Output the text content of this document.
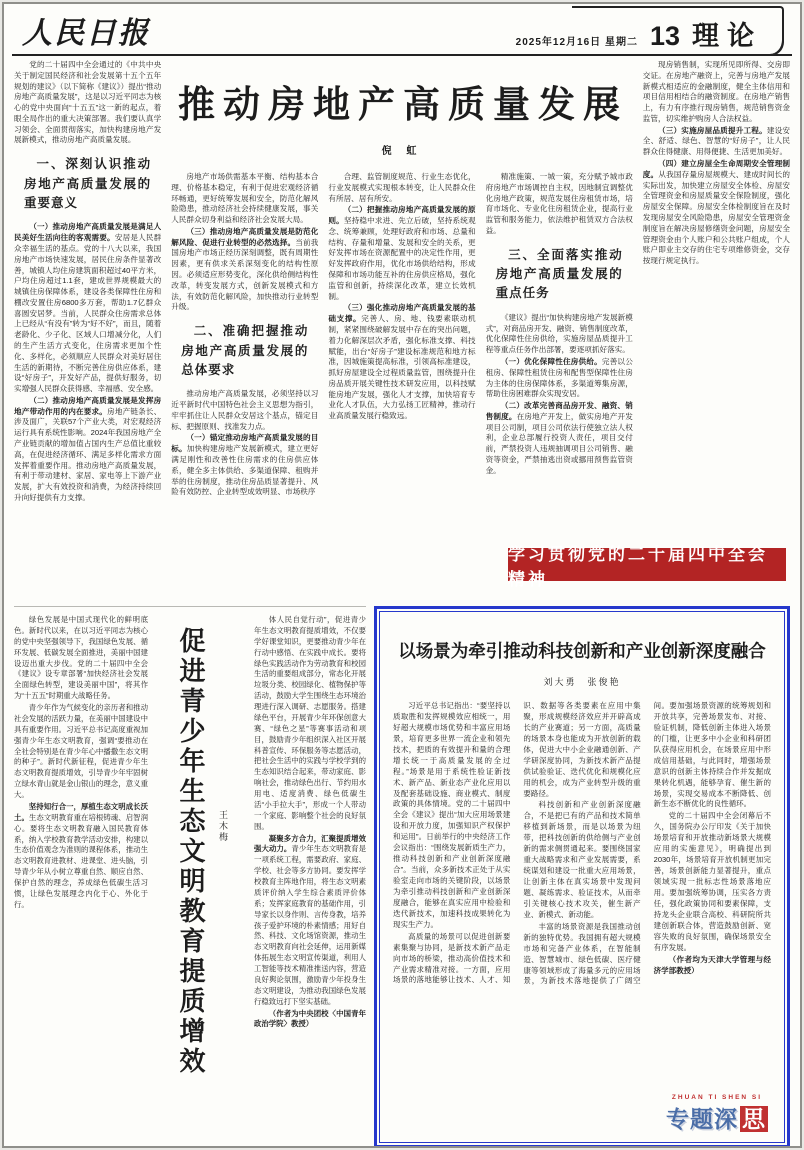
人民日报	2025年12月16日 星期二 13 理论
推动房地产高质量发展
倪 虹

党的二十届四中全会通过的《中共中央关于制定国民经济和社会发展第十五个五年规划的建议》（以下简称《建议》）提出“推动房地产高质量发展”，这是以习近平同志为核心的党中央面向“十五五”这一新的起点，着眼全局作出的重大决策部署。我们要认真学习领会、全面贯彻落实，加快构建房地产发展新模式，推动房地产高质量发展。

一、深刻认识推动房地产高质量发展的重要意义

（一）推动房地产高质量发展是满足人民美好生活向往的客观需要。安居是人民群众幸福生活的基点。党的十八大以来，我国房地产市场快速发展，居民住房条件显著改善，城镇人均住房建筑面积超过40平方米，户均住房超过1.1套，建成世界规模最大的城镇住房保障体系，建设各类保障性住房和棚改安置住房6800多万套，帮助1.7亿群众喜圆安居梦。当前，人民群众住房需求总体上已经从“有没有”转为“好不好”，而且，随着老龄化、少子化、区域人口增减分化，人们的生产生活方式变化，住房需求更加个性化、多样化，必须顺应人民群众对美好居住生活的新期待，不断完善住房供应体系，建设“好房子”，开发好产品，提供好服务，切实增强人民群众获得感、幸福感、安全感。

（二）推动房地产高质量发展是发挥房地产带动作用的内在要求。房地产链条长、涉及面广，关联57个产业大类，对宏观经济运行具有系统性影响。2024年我国房地产全产业链贡献的增加值占国内生产总值比重较高，在促进经济循环、满足多样化需求方面发挥着重要作用。推动房地产高质量发展，有利于带动建材、家居、家电等上下游产业发展，扩大有效投资和消费，为经济持续回升向好提供有力支撑。

房地产市场供需基本平衡、结构基本合理、价格基本稳定，有利于促进宏观经济循环畅通，更好统筹发展和安全，防范化解风险隐患，推动经济社会持续健康发展，事关人民群众切身利益和经济社会发展大局。

（三）推动房地产高质量发展是防范化解风险、促进行业转型的必然选择。当前我国房地产市场正经历深刻调整，既有周期性因素，更有供求关系深刻变化的结构性原因。必须适应形势变化，深化供给侧结构性改革，转变发展方式，创新发展模式和方法，有效防范化解风险，加快推动行业转型升级。

二、准确把握推动房地产高质量发展的总体要求

推动房地产高质量发展，必须坚持以习近平新时代中国特色社会主义思想为指引，牢牢抓住让人民群众安居这个基点，锚定目标、把握原则、找准发力点。

（一）锚定推动房地产高质量发展的目标。加快构建房地产发展新模式，建立更好满足刚性和改善性住房需求的住房供应体系，健全多主体供给、多渠道保障、租购并举的住房制度，推动住房品质显著提升、风险有效防控、企业转型成效明显、市场秩序

合理、监管制度规范、行业生态优化，行业发展模式实现根本转变，让人民群众住有所居、居有所安。

（二）把握推动房地产高质量发展的原则。坚持稳中求进、先立后破，坚持系统观念、统筹兼顾，处理好政府和市场、总量和结构、存量和增量、发展和安全的关系，更好发挥市场在资源配置中的决定性作用，更好发挥政府作用，优化市场供给结构，形成保障和市场功能互补的住房供应格局，强化监管和创新，持续深化改革，建立长效机制。

（三）强化推动房地产高质量发展的基础支撑。完善人、房、地、钱要素联动机制，紧紧围绕破解发展中存在的突出问题，着力化解深层次矛盾，强化标准支撑、科技赋能，出台“好房子”建设标准规范和地方标准，因城施策提高标准，引领高标准建设，抓好房屋建设全过程质量监管，围绕提升住房品质开展关键性技术研发应用，以科技赋能房地产发展，强化人才支撑，加快培育专业化人才队伍，大力弘扬工匠精神，推动行业高质量发展行稳致远。

精准施策、一城一策，充分赋予城市政府房地产市场调控自主权，因地制宜调整优化房地产政策，规范发展住房租赁市场，培育市场化、专业化住房租赁企业，提高行业监管和服务能力，依法维护租赁双方合法权益。

三、全面落实推动房地产高质量发展的重点任务

《建议》提出“加快构建房地产发展新模式”，对商品房开发、融资、销售制度改革，优化保障性住房供给，实施房屋品质提升工程等重点任务作出部署，要逐项抓好落实。

（一）优化保障性住房供给。完善以公租房、保障性租赁住房和配售型保障性住房为主体的住房保障体系，多渠道筹集房源，帮助住房困难群众实现安居。

（二）改革完善商品房开发、融资、销售制度。在房地产开发上，做实房地产开发项目公司制，项目公司依法行使独立法人权利，企业总部履行投资人责任，项目交付前，严禁投资人违规抽调项目公司销售、融资等资金，严禁抽逃出资或挪用预售监管资金。

现房销售制，实现所见即所得、交房即交证。在房地产融资上，完善与房地产发展新模式相适应的金融制度，健全主体信用和项目信用相结合的融资制度。在房地产销售上，有力有序推行现房销售，规范销售资金监管，切实维护购房人合法权益。

（三）实施房屋品质提升工程。建设安全、舒适、绿色、智慧的“好房子”，让人民群众住得健康、用得便捷、生活更加美好。

（四）建立房屋全生命周期安全管理制度。从我国存量房屋规模大、建成时间长的实际出发，加快建立房屋安全体检、房屋安全管理资金和房屋质量安全保险制度，强化房屋安全保障。房屋安全体检制度旨在及时发现房屋安全风险隐患，房屋安全管理资金制度旨在解决房屋修缮资金问题，房屋安全管理资金由个人账户和公共账户组成，个人账户即业主交存的住宅专项维修资金，交存按现行规定执行。

学习贯彻党的二十届四中全会精神

绿色发展是中国式现代化的鲜明底色。新时代以来，在以习近平同志为核心的党中央坚强领导下，我国绿色发展、循环发展、低碳发展全面推进，美丽中国建设迈出重大步伐。党的二十届四中全会《建议》设专章部署“加快经济社会发展全面绿色转型，建设美丽中国”，将其作为“十五五”时期重大战略任务。

青少年作为气候变化的亲历者和推动社会发展的活跃力量，在美丽中国建设中具有重要作用。习近平总书记高度重视加强青少年生态文明教育，强调“要推动在全社会特别是在青少年心中播撒生态文明的种子”。新时代新征程，促进青少年生态文明教育提质增效，引导青少年牢固树立绿水青山就是金山银山的理念，意义重大。

坚持知行合一，厚植生态文明成长沃土。生态文明教育重在培根铸魂、启智润心。要将生态文明教育融入国民教育体系，纳入学校教育教学活动安排，构建以生态价值观念为准则的课程体系，推动生态文明教育进教材、进课堂、进头脑，引导青少年从小树立尊重自然、顺应自然、保护自然的理念，养成绿色低碳生活习惯，让绿色发展理念内化于心、外化于行。	促进青少年生态文明教育提质增效	王木梅

体人民自觉行动”，促进青少年生态文明教育提质增效，不仅要学好课堂知识，更要推动青少年在行动中感悟、在实践中成长。要将绿色实践活动作为劳动教育和校园生活的重要组成部分，常态化开展垃圾分类、校园绿化、植物保护等活动，鼓励大学生围绕生态环境治理进行深入调研、志愿服务。搭建绿色平台，开展青少年环保创意大赛、“绿色之星”等赛事活动和项目，鼓励青少年组织深入社区开展科普宣传、环保服务等志愿活动，把社会生活中的实践与学校学到的生态知识结合起来，带动家庭、影响社会，推动绿色出行、节约用水用电、适度消费、绿色低碳生活“小手拉大手”，形成一个人带动一个家庭、影响整个社会的良好氛围。

凝聚多方合力，汇聚提质增效强大动力。青少年生态文明教育是一项系统工程，需要政府、家庭、学校、社会等多方协同。要发挥学校教育主阵地作用，将生态文明素质评价纳入学生综合素质评价体系；发挥家庭教育的基础作用，引导家长以身作则、言传身教，培养孩子爱护环境的朴素情感；用好自然、科技、文化场馆资源，推动生态文明教育向社会延伸，运用新媒体拓展生态文明宣传渠道，利用人工智能等技术精准推送内容，营造良好舆论氛围，激励青少年投身生态文明建设，为推动我国绿色发展行稳致远打下坚实基础。

（作者为中央团校〈中国青年政治学院〉教授）

以场景为牵引推动科技创新和产业创新深度融合
刘大勇　张俊艳

习近平总书记指出：“要坚持以质取胜和发挥规模效应相统一，用好超大规模市场优势和丰富应用场景，培育更多世界一流企业和领先技术，把质的有效提升和量的合理增长统一于高质量发展的全过程。”场景是用于系统性验证新技术、新产品、新业态产业化应用以及配套基础设施、商业模式、制度政策的具体情境。党的二十届四中全会《建议》提出“加大应用场景建设和开放力度，加强知识产权保护和运用”。日前举行的中央经济工作会议指出：“围绕发展新质生产力，推动科技创新和产业创新深度融合”。当前，众多新技术正处于从实验室走向市场的关键阶段，以场景为牵引推动科技创新和产业创新深度融合，能够在真实应用中检验和迭代新技术，加速科技成果转化为现实生产力。

高质量的场景可以促进创新要素集聚与协同，是新技术新产品走向市场的桥梁，推动高价值技术和产业需求精准对接。一方面，应用场景的落地能够让技术、人才、知识、数据等各类要素在应用中集聚，形成规模经济效应并开辟高成长的产业赛道；另一方面，高质量的场景本身也能成为开放创新的载体，促进大中小企业融通创新、产学研深度协同，为新技术新产品提供试验验证、迭代优化和规模化应用的机会，成为产业转型升级的重要路径。

科技创新和产业创新深度融合，不是把已有的产品和技术简单移植到新场景，而是以场景为纽带，把科技创新的供给侧与产业创新的需求侧贯通起来。要围绕国家重大战略需求和产业发展需要，系统谋划和建设一批重大应用场景，让创新主体在真实场景中发现问题、凝练需求、验证技术，从而牵引关键核心技术攻关，催生新产业、新模式、新动能。

丰富的场景资源是我国推动创新的独特优势。我国拥有超大规模市场和完备产业体系，在智能制造、智慧城市、绿色低碳、医疗健康等领域形成了海量多元的应用场景，为新技术落地提供了广阔空间。要加强场景资源的统筹规划和开放共享，完善场景发布、对接、验证机制，降低创新主体进入场景的门槛，让更多中小企业和科研团队获得应用机会，在场景应用中形成信用基础，与此同时，增强场景意识的创新主体持续合作并发掘成果转化机遇，能够孕育、催生新的场景，实现交易成本不断降低、创新生态不断优化的良性循环。

党的二十届四中全会闭幕后不久，国务院办公厅印发《关于加快场景培育和开放推动新场景大规模应用的实施意见》，明确提出到2030年，场景培育开放机制更加完善，场景创新能力显著提升，重点领域实现一批标志性场景落地应用。要加强统筹协调，压实各方责任，强化政策协同和要素保障，支持龙头企业联合高校、科研院所共建创新联合体，营造鼓励创新、宽容失败的良好氛围，确保场景安全有序发展。

（作者均为天津大学管理与经济学部教授）

ZHUAN TI SHEN SI
专题深 思
